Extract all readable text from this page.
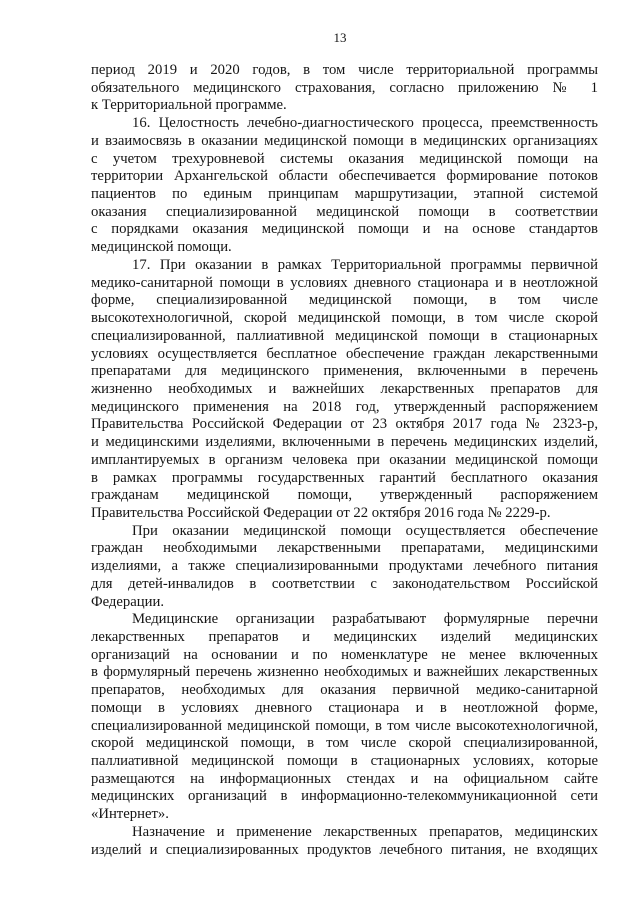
13
период 2019 и 2020 годов, в том числе территориальной программы
обязательного медицинского страхования, согласно приложению № 1
к Территориальной программе.
16. Целостность лечебно-диагностического процесса, преемственность
и взаимосвязь в оказании медицинской помощи в медицинских организациях
с учетом трехуровневой системы оказания медицинской помощи на
территории Архангельской области обеспечивается формирование потоков
пациентов по единым принципам маршрутизации, этапной системой
оказания специализированной медицинской помощи в соответствии
с порядками оказания медицинской помощи и на основе стандартов
медицинской помощи.
17. При оказании в рамках Территориальной программы первичной
медико-санитарной помощи в условиях дневного стационара и в неотложной
форме, специализированной медицинской помощи, в том числе
высокотехнологичной, скорой медицинской помощи, в том числе скорой
специализированной, паллиативной медицинской помощи в стационарных
условиях осуществляется бесплатное обеспечение граждан лекарственными
препаратами для медицинского применения, включенными в перечень
жизненно необходимых и важнейших лекарственных препаратов для
медицинского применения на 2018 год, утвержденный распоряжением
Правительства Российской Федерации от 23 октября 2017 года № 2323-р,
и медицинскими изделиями, включенными в перечень медицинских изделий,
имплантируемых в организм человека при оказании медицинской помощи
в рамках программы государственных гарантий бесплатного оказания
гражданам медицинской помощи, утвержденный распоряжением
Правительства Российской Федерации от 22 октября 2016 года № 2229-р.
При оказании медицинской помощи осуществляется обеспечение
граждан необходимыми лекарственными препаратами, медицинскими
изделиями, а также специализированными продуктами лечебного питания
для детей-инвалидов в соответствии с законодательством Российской
Федерации.
Медицинские организации разрабатывают формулярные перечни
лекарственных препаратов и медицинских изделий медицинских
организаций на основании и по номенклатуре не менее включенных
в формулярный перечень жизненно необходимых и важнейших лекарственных
препаратов, необходимых для оказания первичной медико-санитарной
помощи в условиях дневного стационара и в неотложной форме,
специализированной медицинской помощи, в том числе высокотехнологичной,
скорой медицинской помощи, в том числе скорой специализированной,
паллиативной медицинской помощи в стационарных условиях, которые
размещаются на информационных стендах и на официальном сайте
медицинских организаций в информационно-телекоммуникационной сети
«Интернет».
Назначение и применение лекарственных препаратов, медицинских
изделий и специализированных продуктов лечебного питания, не входящих
